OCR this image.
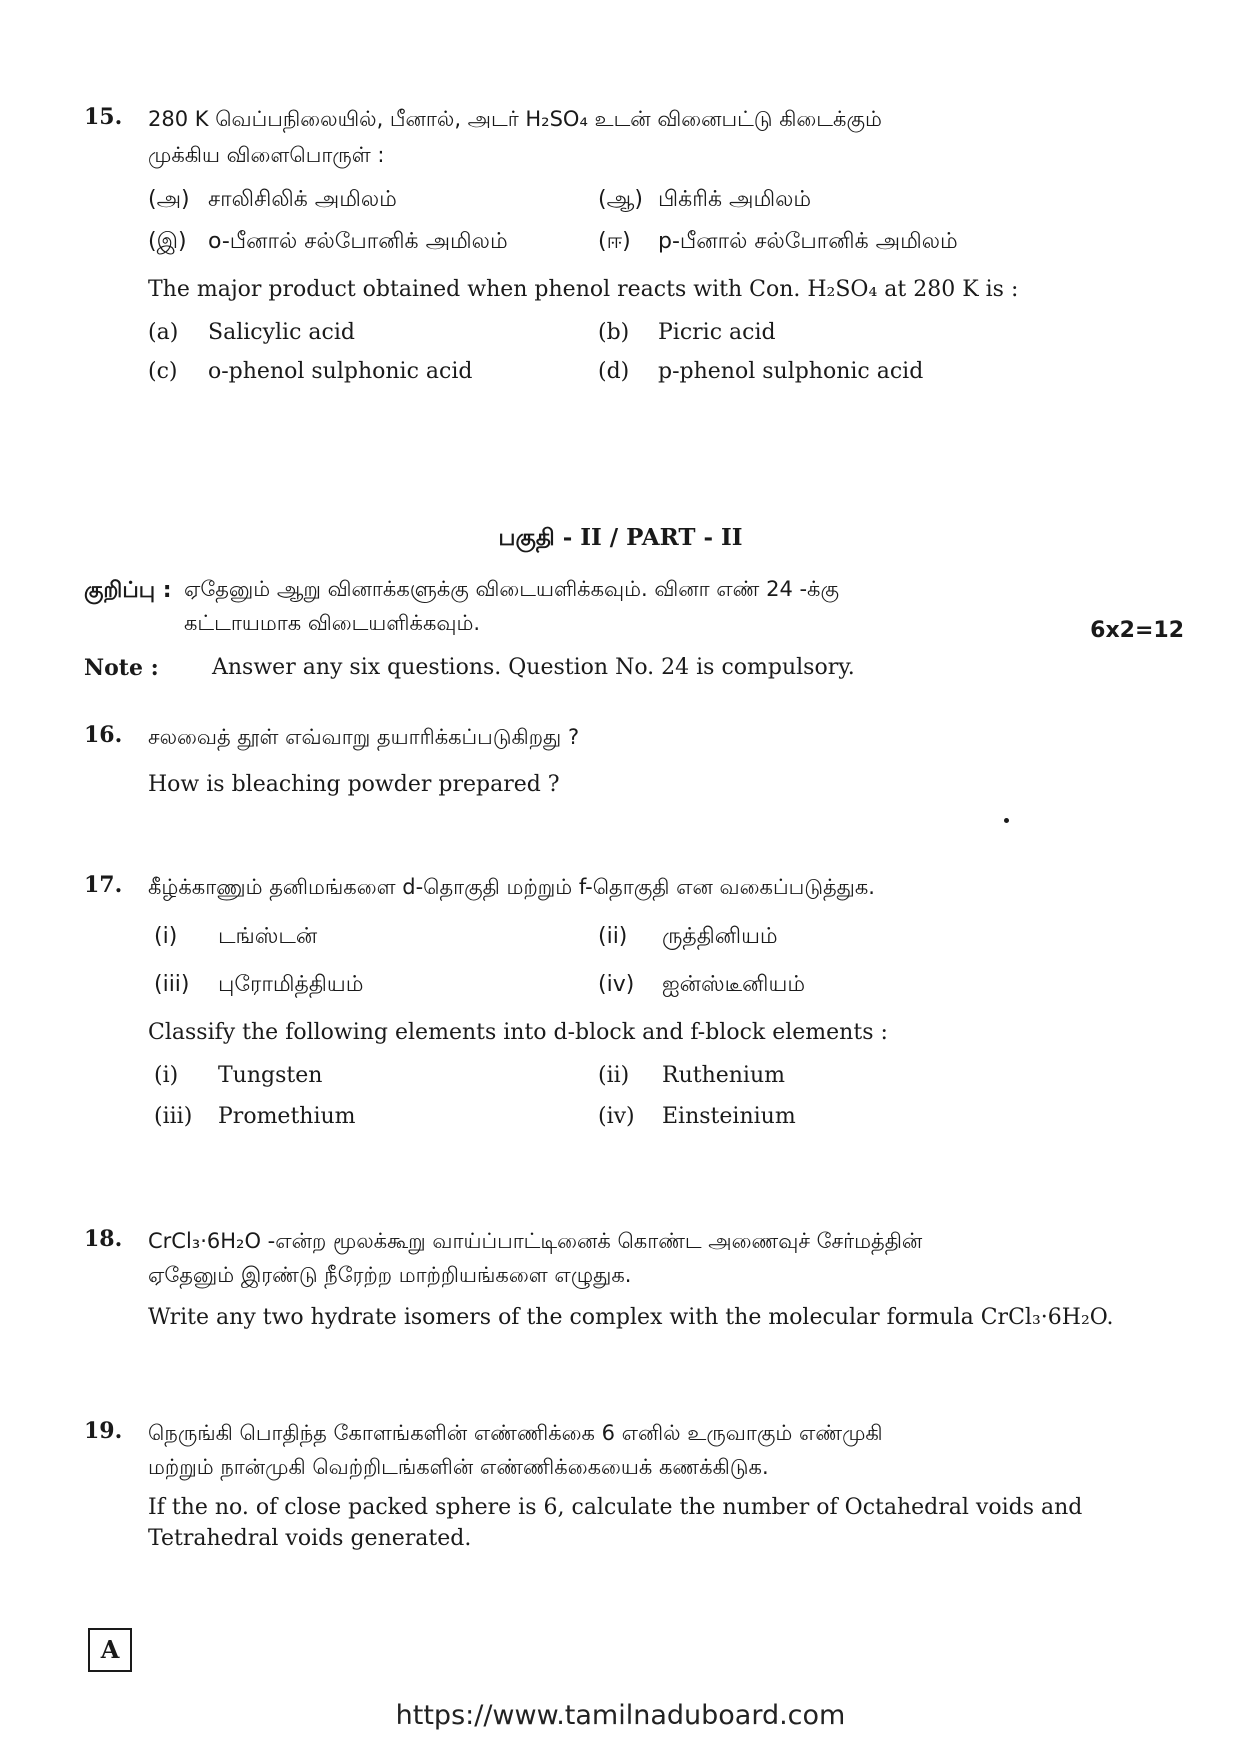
15. 280 K வெப்பநிலையில், பீனால், அடர் H₂SO₄ உடன் வினைபட்டு கிடைக்கும்

முக்கிய விளைபொருள் :

(அ) சாலிசிலிக் அமிலம்	(ஆ) பிக்ரிக் அமிலம்
(இ) o-பீனால் சல்போனிக் அமிலம்	(ஈ)	p-பீனால் சல்போனிக் அமிலம்

The major product obtained when phenol reacts with Con. H₂SO₄ at 280 K is :

(a)	Salicylic acid	(b)	Picric acid
(c)	o-phenol sulphonic acid	(d)	p-phenol sulphonic acid
பகுதி - II / PART - II
குறிப்பு : ஏதேனும் ஆறு வினாக்களுக்கு விடையளிக்கவும். வினா எண் 24 -க்கு

கட்டாயமாக விடையளிக்கவும்.	6x2=12
Note :	Answer any six questions. Question No. 24 is compulsory.
16. சலவைத் தூள் எவ்வாறு தயாரிக்கப்படுகிறது ?

How is bleaching powder prepared ?

17. கீழ்க்காணும் தனிமங்களை d-தொகுதி மற்றும் f-தொகுதி என வகைப்படுத்துக.

(i)	டங்ஸ்டன்	(ii)	ருத்தினியம்
(iii)	புரோமித்தியம்	(iv)	ஐன்ஸ்டீனியம்

Classify the following elements into d-block and f-block elements :

(i)	Tungsten	(ii)	Ruthenium
(iii)	Promethium	(iv)	Einsteinium
18. CrCl₃·6H₂O -என்ற மூலக்கூறு வாய்ப்பாட்டினைக் கொண்ட அணைவுச் சேர்மத்தின்

ஏதேனும் இரண்டு நீரேற்ற மாற்றியங்களை எழுதுக.

Write any two hydrate isomers of the complex with the molecular formula CrCl₃·6H₂O.

19. நெருங்கி பொதிந்த கோளங்களின் எண்ணிக்கை 6 எனில் உருவாகும் எண்முகி

மற்றும் நான்முகி வெற்றிடங்களின் எண்ணிக்கையைக் கணக்கிடுக.

If the no. of close packed sphere is 6, calculate the number of Octahedral voids and

Tetrahedral voids generated.

A
https://www.tamilnaduboard.com
